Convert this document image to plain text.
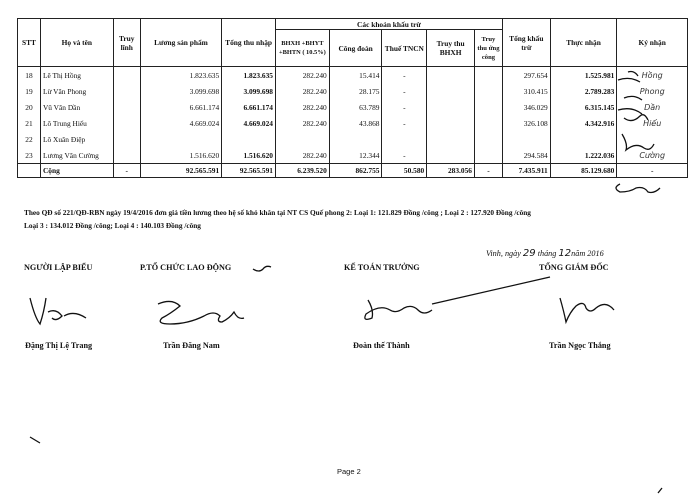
STT	Họ và tên	Truy lĩnh	Lương sản phẩm	Tổng thu nhập	Các khoản khấu trừ					Tổng khấu trừ	Thực nhận	Ký nhận
					BHXH +BHYT +BHTN ( 10.5%)	Công đoàn	Thuế TNCN	Truy thu BHXH	Truy thu ứng công			
18	Lê Thị Hồng		1.823.635	1.823.635	282.240	15.414	-			297.654	1.525.981	Hồng
19	Lừ Văn Phong		3.099.698	3.099.698	282.240	28.175	-			310.415	2.789.283	Phong
20	Vũ Văn Dần		6.661.174	6.661.174	282.240	63.789	-			346.029	6.315.145	Dần
21	Lô Trung Hiếu		4.669.024	4.669.024	282.240	43.868	-			326.108	4.342.916	Hiếu
22	Lô Xuân Điệp											
23	Lương Văn Cường		1.516.620	1.516.620	282.240	12.344	-			294.584	1.222.036	Cường
	Cộng	-	92.565.591	92.565.591	6.239.520	862.755	50.580	283.056	-	7.435.911	85.129.680	-
Theo QĐ số 221/QĐ-RBN ngày 19/4/2016 đơn giá tiền lương theo hệ số khó khăn tại NT CS Quế phong 2: Loại 1: 121.829 Đồng /công ; Loại 2 : 127.920 Đồng /công
Loại 3 : 134.012 Đồng /công; Loại 4 : 140.103 Đồng /công
Vinh, ngày 29 tháng 12năm 2016
NGƯỜI LẬP BIỂU	P.TỔ CHỨC LAO ĐỘNG	KẾ TOÁN TRƯỞNG	TỔNG GIÁM ĐỐC
Đặng Thị Lệ Trang	Trần Đăng Nam	Đoàn thế Thành	Trần Ngọc Thắng
Page 2
